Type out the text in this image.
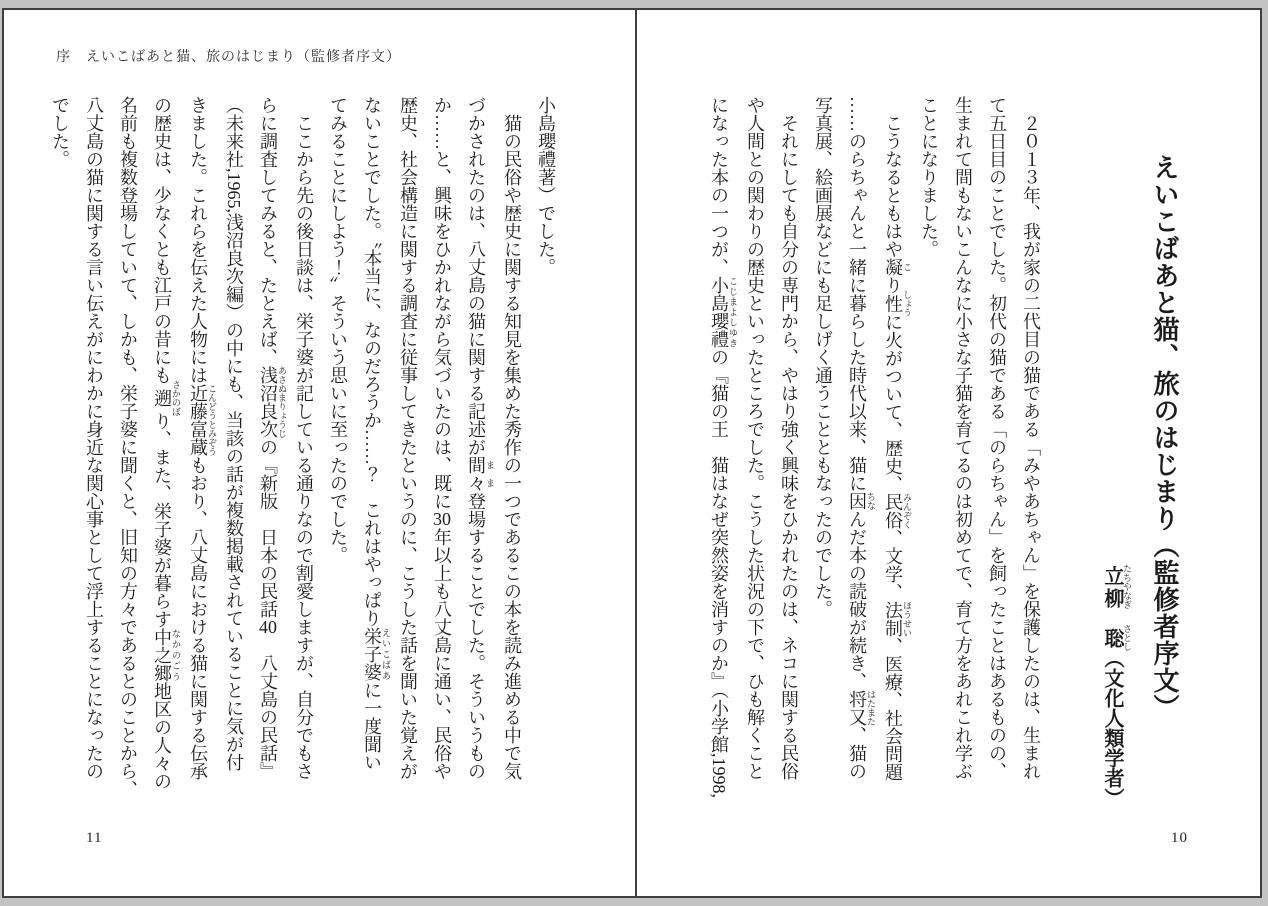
序　えいこばあと猫、旅のはじまり（監修者序文）
小島瓔禮著）でした。
　猫の民俗や歴史に関する知見を集めた秀作の一つであるこの本を読み進める中で気
づかされたのは、八丈島の猫に関する記述が間々 まま登場することでした。そういうもの
か……と、興味をひかれながら気づいたのは、既に30年以上も八丈島に通い、民俗や
歴史、社会構造に関する調査に従事してきたというのに、こうした話を聞いた覚えが
ないことでした。〝本当に、なのだろうか……？　これはやっぱり栄子婆 えいこばあに一度聞い
てみることにしよう！〟そういう思いに至ったのでした。
　ここから先の後日談は、栄子婆が記している通りなので割愛しますが、自分でもさ
らに調査してみると、たとえば、浅沼良次 あさぬまりょうじの『新版　日本の民話40　八丈島の民話』
（未来社,1965,浅沼良次編）の中にも、当該の話が複数掲載されていることに気が付
きました。これらを伝えた人物には近藤富蔵 こんどうとみぞうもおり、八丈島における猫に関する伝承
の歴史は、少なくとも江戸の昔にも遡 さかのぼり、また、栄子婆が暮らす中之郷 なかのごう地区の人々の
名前も複数登場していて、しかも、栄子婆に聞くと、旧知の方々であるとのことから、
八丈島の猫に関する言い伝えがにわかに身近な関心事として浮上することになったの
でした。
11
えいこばあと猫、旅のはじまり（監修者序文）
立柳 たちやなぎ　聡 さとし（文化人類学者）
　２０１３年、我が家の二代目の猫である「みやあちゃん」を保護したのは、生まれ
て五日目のことでした。初代の猫である「のらちゃん」を飼ったことはあるものの、
生まれて間もないこんなに小さな子猫を育てるのは初めてで、育て方をあれこれ学ぶ
ことになりました。
　こうなるともはや凝 こり性 しょうに火がついて、歴史、民俗 みんぞく、文学、法制 ほうせい、医療、社会問題
……のらちゃんと一緒に暮らした時代以来、猫に因 ちなんだ本の読破が続き、将又 はたまた、猫の
写真展、絵画展などにも足しげく通うことともなったのでした。
　それにしても自分の専門から、やはり強く興味をひかれたのは、ネコに関する民俗
や人間との関わりの歴史といったところでした。こうした状況の下で、ひも解くこと
になった本の一つが、小島瓔禮 こじまよしゆきの『猫の王　猫はなぜ突然姿を消すのか』（小学館,1998,
10
